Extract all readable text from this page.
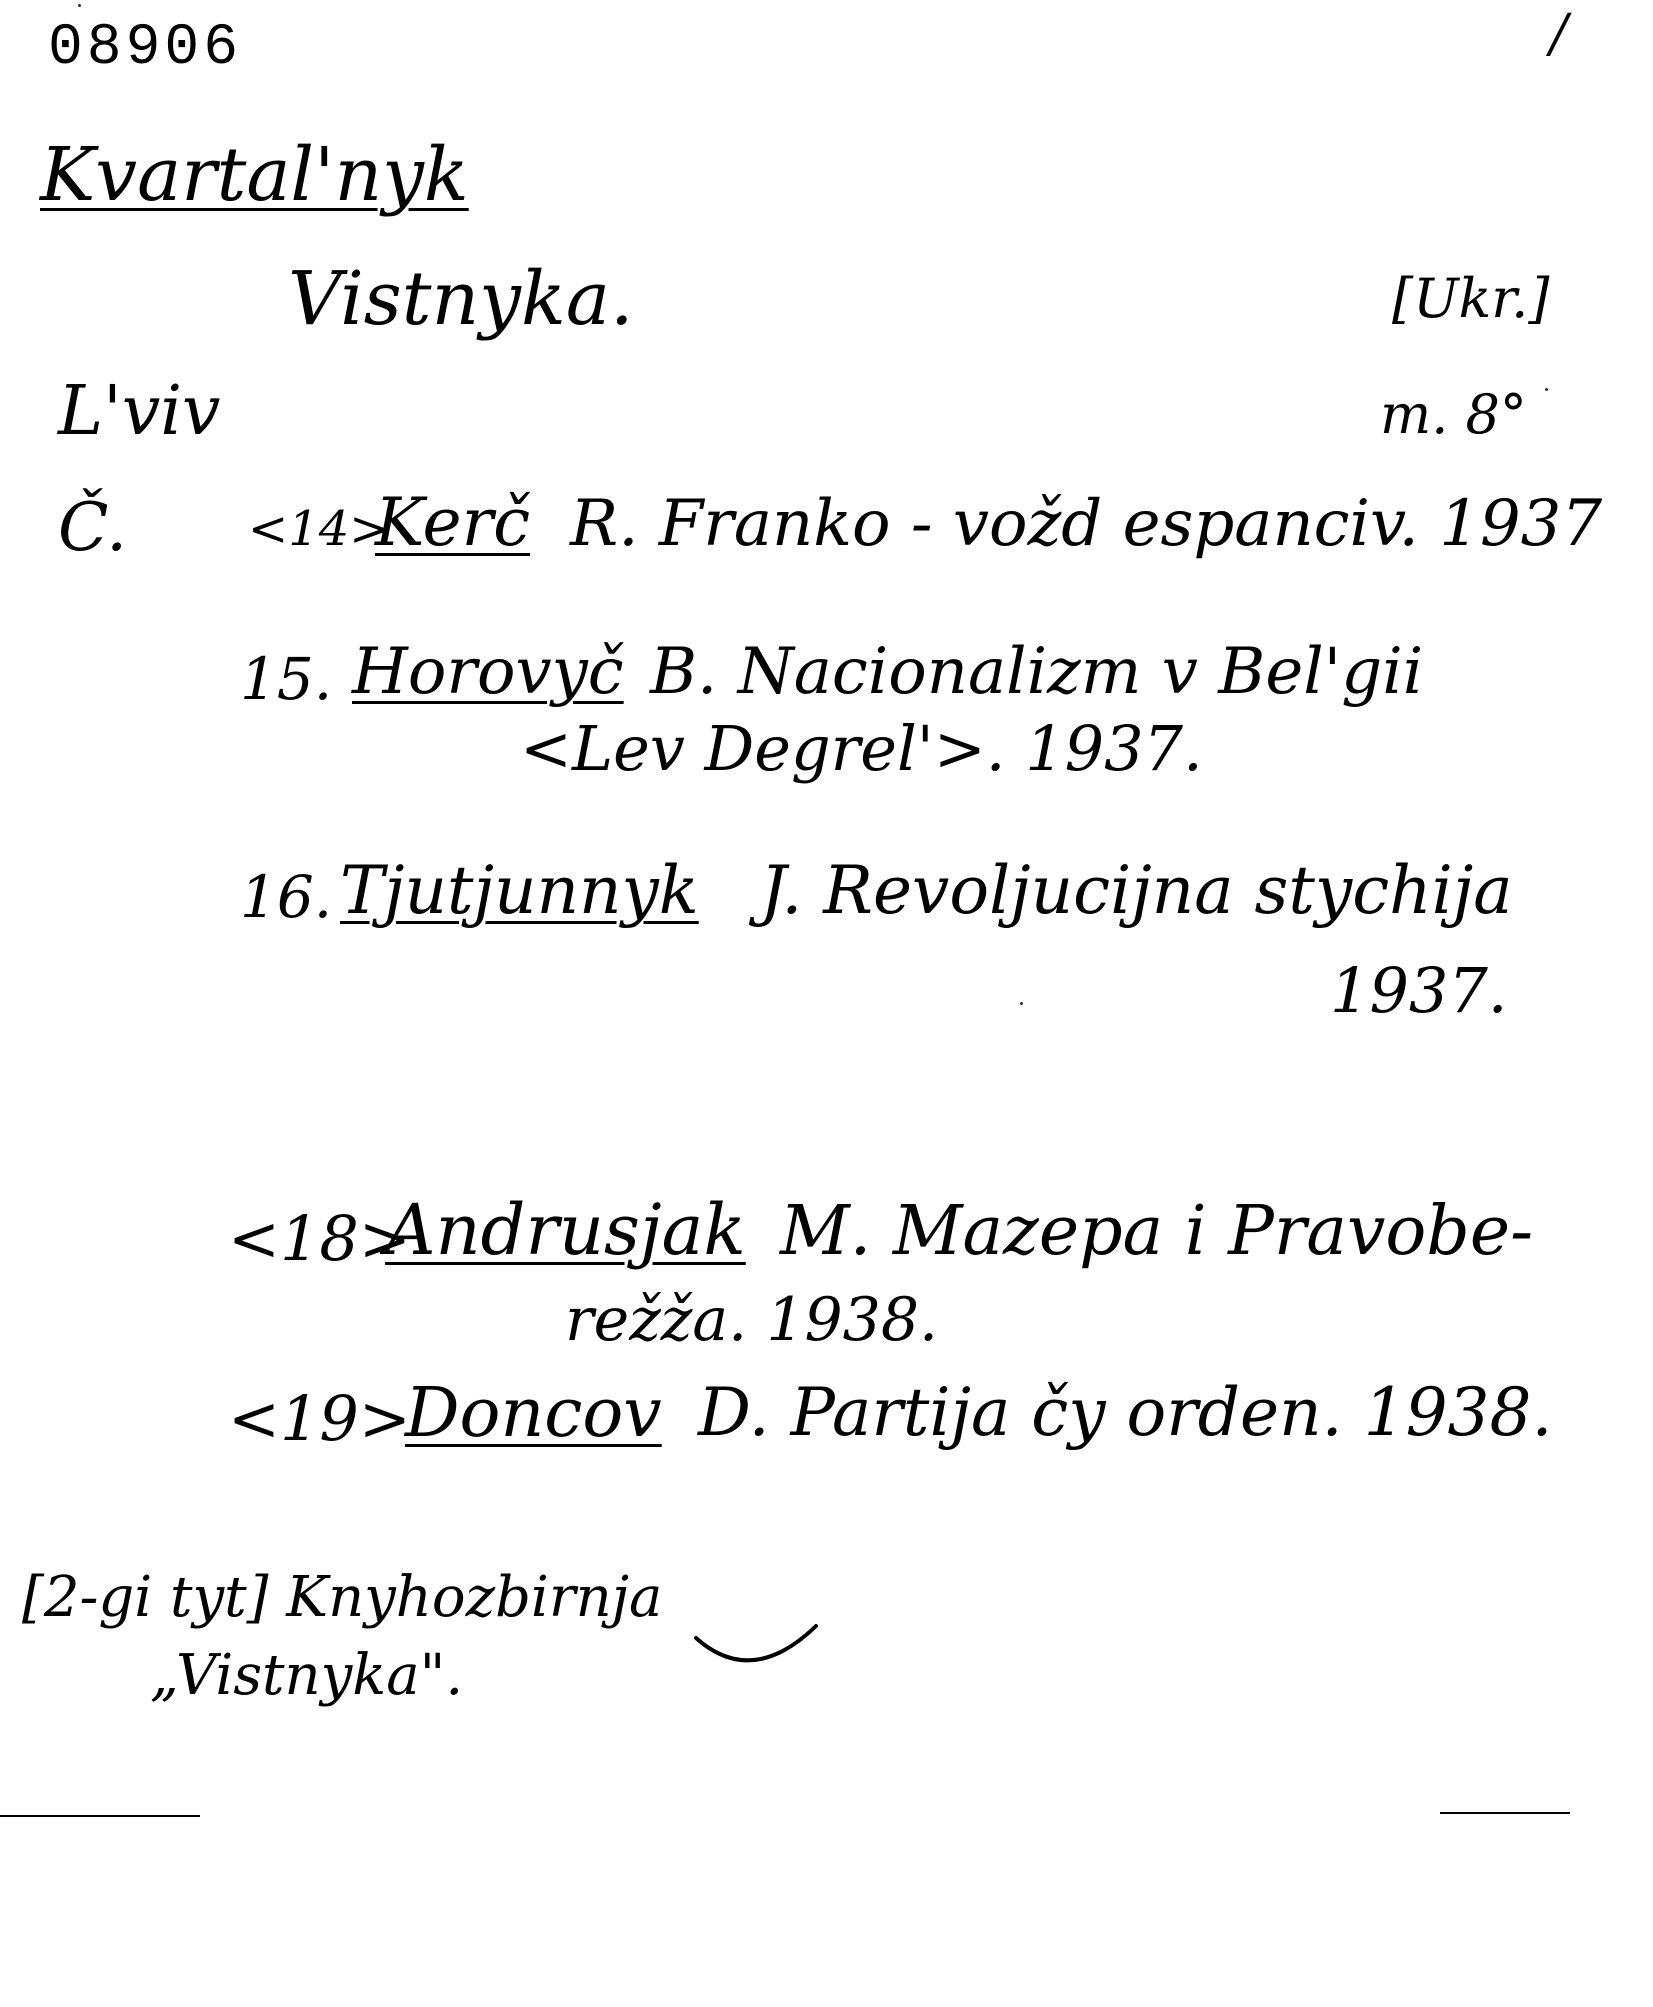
08906	/
Kvartal'nyk
Vistnyka.	[Ukr.]
L'viv	m. 8°
Č.	<14>
Kerč R. Franko - vožd espanciv. 1937
15. Horovyč B. Nacionalizm v Bel'gii
<Lev Degrel'>. 1937.
16. Tjutjunnyk J. Revoljucijna stychija
1937.
<18>
Andrusjak M. Mazepa i Pravobe-
režža. 1938.
<19>
Doncov D. Partija čy orden. 1938.
[2-gi tyt] Knyhozbirnja
„Vistnyka".
